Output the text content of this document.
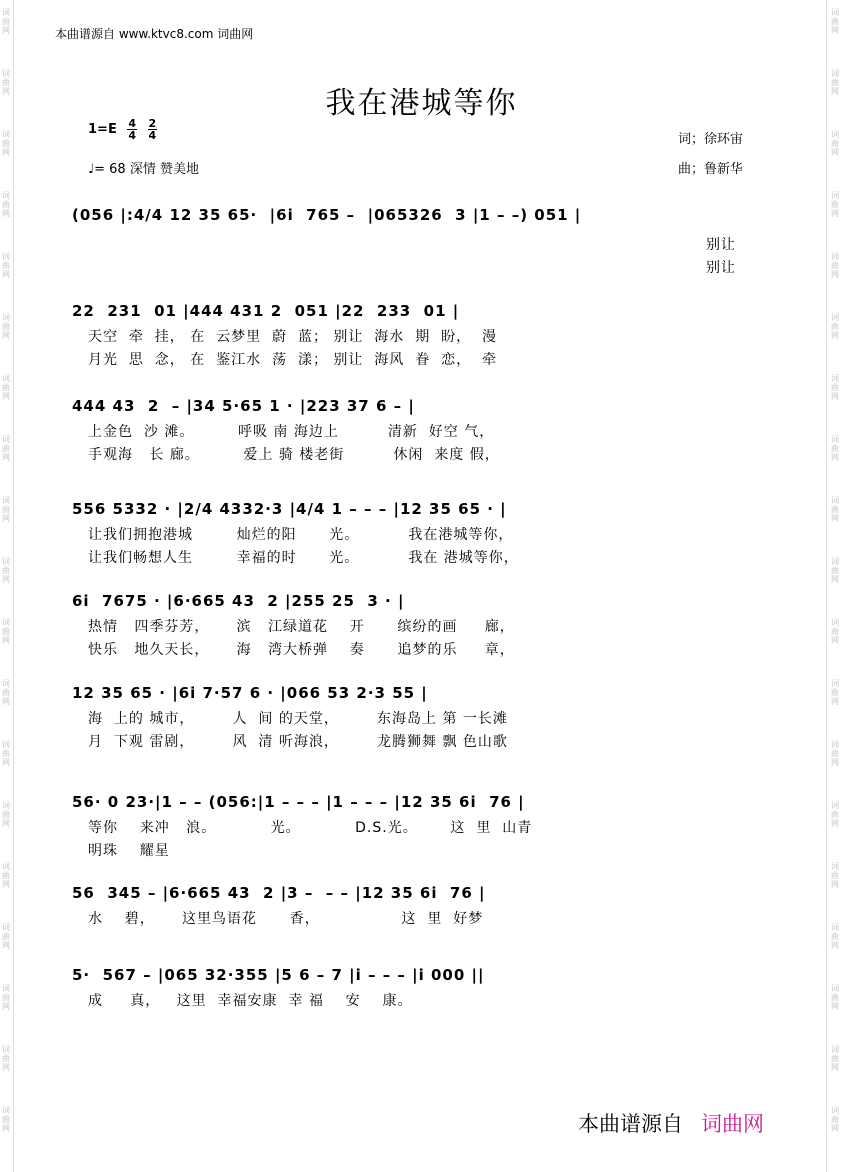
词
曲
网
词
曲
网
词
曲
网
词
曲
网
词
曲
网
词
曲
网
词
曲
网
词
曲
网
词
曲
网
词
曲
网
词
曲
网
词
曲
网
词
曲
网
词
曲
网
词
曲
网
词
曲
网
词
曲
网
词
曲
网
词
曲
网
词
曲
网
词
曲
网
词
曲
网
词
曲
网
词
曲
网
词
曲
网
词
曲
网
词
曲
网
词
曲
网
词
曲
网
词
曲
网
词
曲
网
词
曲
网
词
曲
网
词
曲
网
词
曲
网
词
曲
网
词
曲
网
词
曲
网
本曲谱源自 www.ktvc8.com 词曲网
我在港城等你
$1=E \frac{4}{4}$
$\frac{2}{4}$
♩= 68 深情 赞美地
词；徐环宙
曲；鲁新华
(056 |:4/4 12 35 65·  |6i  765 –  |065326  3 |1 – –) 051 |
别让
别让
22  231  01 |444 431 2  051 |22  233  01 |
天空  牵  挂， 在  云梦里  蔚  蓝； 别让  海水  期  盼，  漫
月光  思  念， 在  鉴江水  荡  漾； 别让  海风  眷  恋，  牵
444 43  2  – |34 5·65 1 · |223 37 6 – |
上金色  沙 滩。        呼吸 南 海边上         清新  好空 气，
手观海   长 廊。        爱上 骑 楼老街         休闲  来度 假，
556 5332 · |2/4 4332·3 |4/4 1 – – – |12 35 65 · |
让我们拥抱港城        灿烂的阳      光。         我在港城等你，
让我们畅想人生        幸福的时      光。         我在 港城等你，
6i  7675 · |6·665 43  2 |255 25  3 · |
热情   四季芬芳，     滨   江绿道花    开      缤纷的画     廊，
快乐   地久天长，     海   湾大桥弹    奏      追梦的乐     章，
12 35 65 · |6i 7·57 6 · |066 53 2·3 55 |
海  上的 城市，       人  间 的天堂，       东海岛上 第 一长滩
月  下观 雷剧，       风  清 听海浪，       龙腾狮舞 飘 色山歌
56· 0 23·|1 – – (056:|1 – – – |1 – – – |12 35 6i  76 |
等你    来冲   浪。          光。          D.S.光。      这  里  山青
明珠    耀星
56  345 – |6·665 43  2 |3 –  – – |12 35 6i  76 |
水    碧，     这里鸟语花      香，               这  里  好梦
5·  567 – |065 32·355 |5 6 – 7 |i – – – |i 000 ||
成     真，   这里  幸福安康  幸 福    安    康。
本曲谱源自 词曲网
